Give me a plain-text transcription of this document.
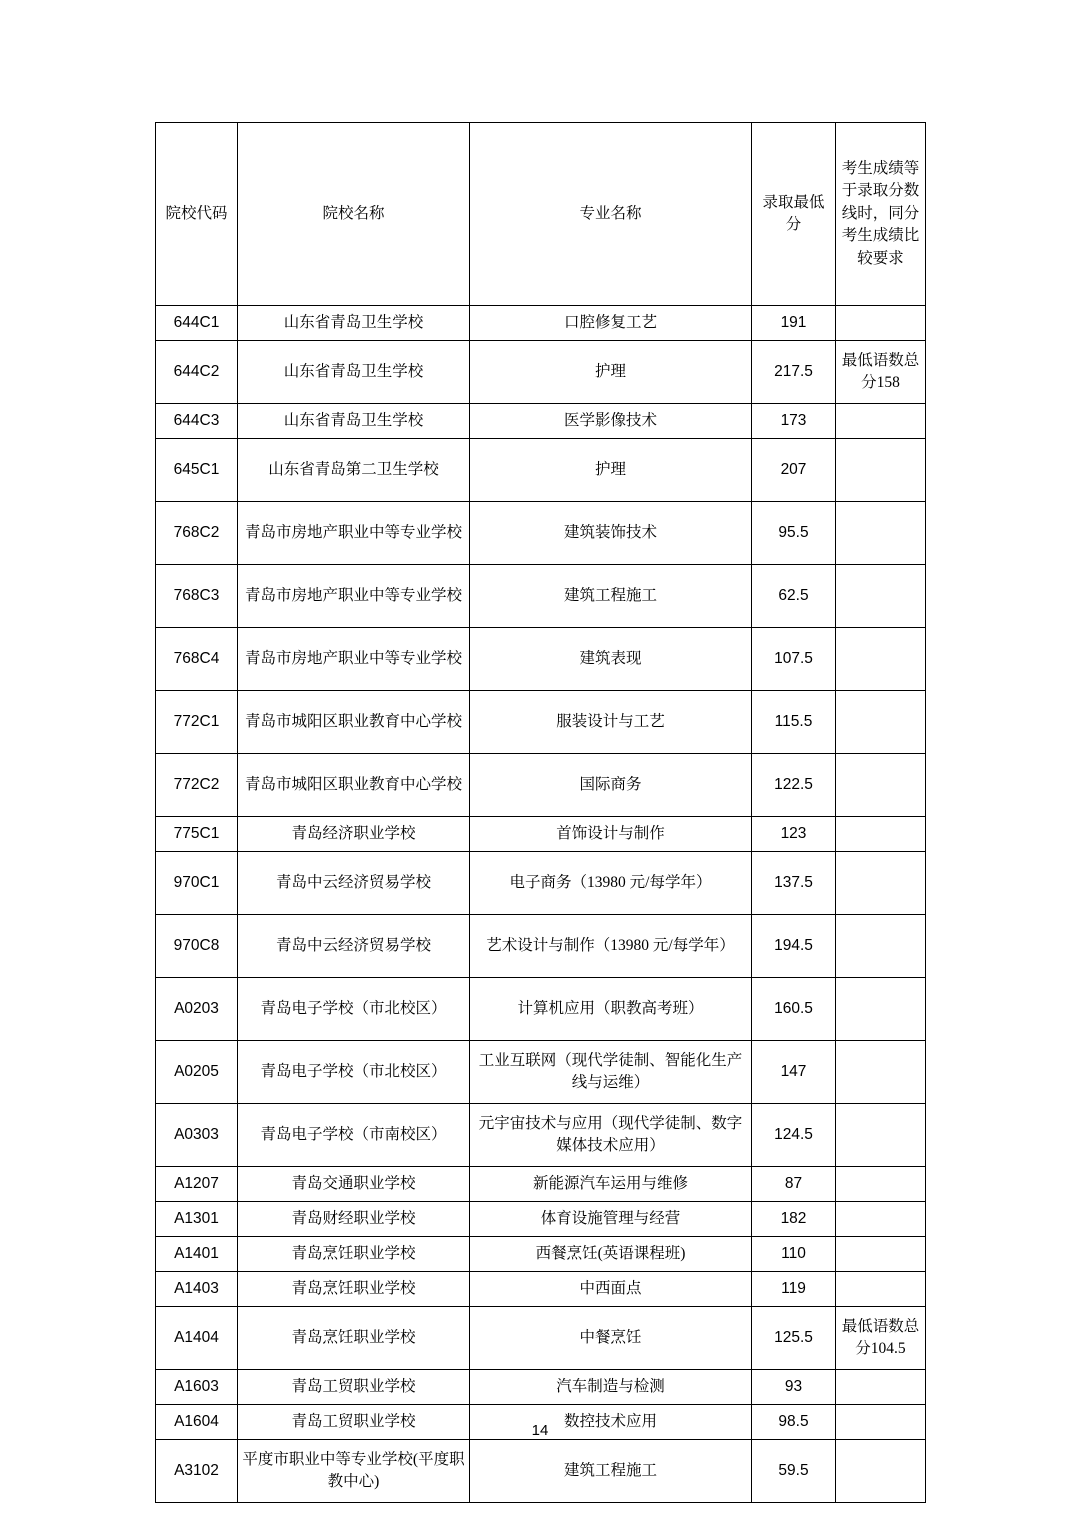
院校代码	院校名称	专业名称	录取最低分	考生成绩等于录取分数线时，同分考生成绩比较要求
644C1	山东省青岛卫生学校	口腔修复工艺	191	
644C2	山东省青岛卫生学校	护理	217.5	最低语数总分158
644C3	山东省青岛卫生学校	医学影像技术	173	
645C1	山东省青岛第二卫生学校	护理	207	
768C2	青岛市房地产职业中等专业学校	建筑装饰技术	95.5	
768C3	青岛市房地产职业中等专业学校	建筑工程施工	62.5	
768C4	青岛市房地产职业中等专业学校	建筑表现	107.5	
772C1	青岛市城阳区职业教育中心学校	服装设计与工艺	115.5	
772C2	青岛市城阳区职业教育中心学校	国际商务	122.5	
775C1	青岛经济职业学校	首饰设计与制作	123	
970C1	青岛中云经济贸易学校	电子商务（13980 元/每学年）	137.5	
970C8	青岛中云经济贸易学校	艺术设计与制作（13980 元/每学年）	194.5	
A0203	青岛电子学校（市北校区）	计算机应用（职教高考班）	160.5	
A0205	青岛电子学校（市北校区）	工业互联网（现代学徒制、智能化生产线与运维）	147	
A0303	青岛电子学校（市南校区）	元宇宙技术与应用（现代学徒制、数字媒体技术应用）	124.5	
A1207	青岛交通职业学校	新能源汽车运用与维修	87	
A1301	青岛财经职业学校	体育设施管理与经营	182	
A1401	青岛烹饪职业学校	西餐烹饪(英语课程班)	110	
A1403	青岛烹饪职业学校	中西面点	119	
A1404	青岛烹饪职业学校	中餐烹饪	125.5	最低语数总分104.5
A1603	青岛工贸职业学校	汽车制造与检测	93	
A1604	青岛工贸职业学校	数控技术应用	98.5	
A3102	平度市职业中等专业学校(平度职教中心)	建筑工程施工	59.5	
14
